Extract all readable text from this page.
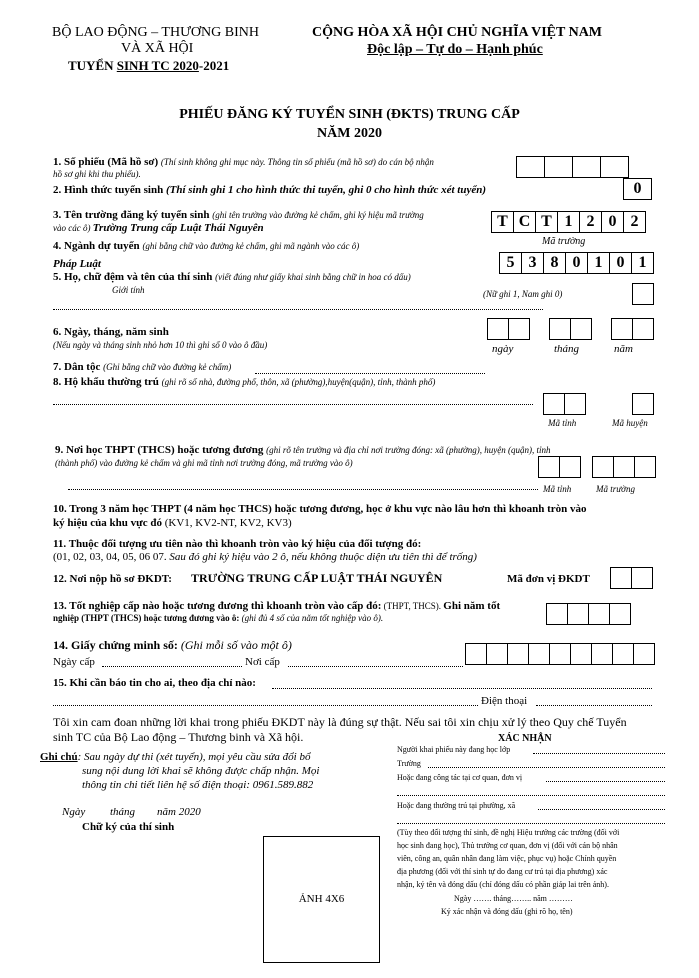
BỘ LAO ĐỘNG – THƯƠNG BINH
VÀ XÃ HỘI
TUYỂN SINH TC 2020-2021
CỘNG HÒA XÃ HỘI CHỦ NGHĨA VIỆT NAM
Độc lập – Tự do – Hạnh phúc
PHIẾU ĐĂNG KÝ TUYỂN SINH (ĐKTS) TRUNG CẤP
NĂM 2020
1. Số phiếu (Mã hồ sơ) (Thí sinh không ghi mục này. Thông tin số phiếu (mã hồ sơ) do cán bộ nhận
hồ sơ ghi khi thu phiếu).
2. Hình thức tuyển sinh (Thí sinh ghi 1 cho hình thức thi tuyển, ghi 0 cho hình thức xét tuyển)	0
3. Tên trường đăng ký tuyển sinh (ghi tên trường vào đường kẻ chấm, ghi ký hiệu mã trường
vào các ô) Trường Trung cấp Luật Thái Nguyên	T C T 1 2 0 2
Mã trường
4. Ngành dự tuyển (ghi bằng chữ vào đường kẻ chấm, ghi mã ngành vào các ô)
Pháp Luật	5 3 8 0 1 0 1
5. Họ, chữ đệm và tên của thí sinh (viết đúng như giấy khai sinh bằng chữ in hoa có dấu)
Giới tính	(Nữ ghi 1, Nam ghi 0)
6. Ngày, tháng, năm sinh
(Nếu ngày và tháng sinh nhỏ hơn 10 thì ghi số 0 vào ô đầu)	ngày	tháng	năm
7. Dân tộc (Ghi bằng chữ vào đường kẻ chấm)
8. Hộ khẩu thường trú (ghi rõ số nhà, đường phố, thôn, xã (phường),huyện(quận), tỉnh, thành phố)
Mã tỉnh	Mã huyện
9. Nơi học THPT (THCS) hoặc tương đương (ghi rõ tên trường và địa chỉ nơi trường đóng: xã (phường), huyện (quận), tỉnh
(thành phố) vào đường kẻ chấm và ghi mã tỉnh nơi trường đóng, mã trường vào ô)
Mã tỉnh	Mã trường
10. Trong 3 năm học THPT (4 năm học THCS) hoặc tương đương, học ở khu vực nào lâu hơn thì khoanh tròn vào
ký hiệu của khu vực đó (KV1, KV2-NT, KV2, KV3)
11. Thuộc đối tượng ưu tiên nào thì khoanh tròn vào ký hiệu của đối tượng đó:
(01, 02, 03, 04, 05, 06 07. Sau đó ghi ký hiệu vào 2 ô, nếu không thuộc diện ưu tiên thì để trống)
12. Nơi nộp hồ sơ ĐKDT: TRƯỜNG TRUNG CẤP LUẬT THÁI NGUYÊN	Mã đơn vị ĐKDT
13. Tốt nghiệp cấp nào hoặc tương đương thì khoanh tròn vào cấp đó: (THPT, THCS). Ghi năm tốt
nghiệp (THPT (THCS) hoặc tương đương vào ô: (ghi đủ 4 số của năm tốt nghiệp vào ô).
14. Giấy chứng minh số: (Ghi mỗi số vào một ô)
Ngày cấp	Nơi cấp
15. Khi cần báo tin cho ai, theo địa chỉ nào:
Điện thoại
Tôi xin cam đoan những lời khai trong phiếu ĐKDT này là đúng sự thật. Nếu sai tôi xin chịu xử lý theo Quy chế Tuyển
sinh TC của Bộ Lao động – Thương binh và Xã hội.
Ghi chú: Sau ngày dự thi (xét tuyển), mọi yêu cầu sửa đổi bổ
sung nội dung lời khai sẽ không được chấp nhận. Mọi
thông tin chi tiết liên hệ số điện thoại: 0961.589.882
Ngày         tháng        năm 2020
Chữ ký của thí sinh
ẢNH 4X6
XÁC NHẬN
Người khai phiếu này đang học lớp
Trường
Hoặc đang công tác tại cơ quan, đơn vị
Hoặc đang thường trú tại phường, xã
(Tùy theo đối tượng thí sinh, đề nghị Hiệu trưởng các trường (đối với
học sinh đang học), Thủ trưởng cơ quan, đơn vị (đối với cán bộ nhân
viên, công an, quân nhân đang làm việc, phục vụ) hoặc Chính quyền
địa phương (đối với thí sinh tự do đang cư trú tại địa phương) xác
nhận, ký tên và đóng dấu (chỉ đóng dấu có phần giáp lai trên ảnh).
Ngày ……. tháng…….. năm ………
Ký xác nhận và đóng dấu (ghi rõ họ, tên)
